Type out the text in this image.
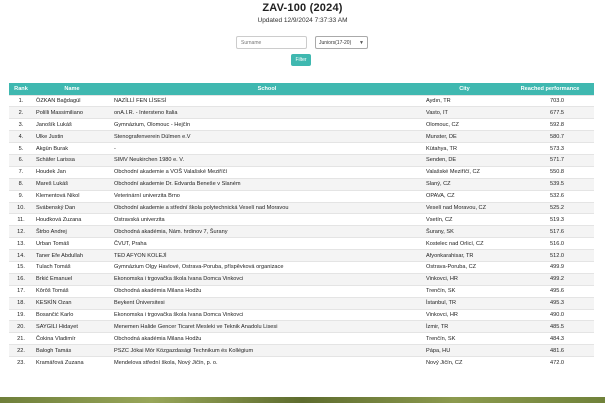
ZAV-100 (2024)
Updated 12/9/2024 7:37:33 AM
Surname	Juniors(17-20) ▼
Filter
Rank	Name	School	City	Reached performance
1.	ÖZKAN Bağdagül	NAZİLLİ FEN LİSESİ	Aydın, TR	703.0
2.	Polilli Massimiliano	onA.I.R. - Intersteno Italia	Vasto, IT	677.5
3.	Janošík Lukáš	Gymnázium, Olomouc - Hejčín	Olomouc, CZ	592.8
4.	Ulke Justin	Stenografenverein Dülmen e.V	Munster, DE	580.7
5.	Akgün Burak	-	Kütahya, TR	573.3
6.	Schäfer Larissa	SIMV Neukirchen 1980 e. V.	Senden, DE	571.7
7.	Houdek Jan	Obchodní akademie a VOŠ Valašské Meziříčí	Valašské Meziříčí, CZ	550.8
8.	Mareš Lukáš	Obchodní akademie Dr. Edvarda Beneše v Slaném	Slaný, CZ	539.5
9.	Klementová Nikol	Veterinární univerzita Brno	OPAVA, CZ	532.6
10.	Svábenský Dan	Obchodní akademie a střední škola polytechnická Veselí nad Moravou	Veselí nad Moravou, CZ	525.2
11.	Houdková Zuzana	Ostravská univerzita	Vsetín, CZ	519.3
12.	Štrbo Andrej	Obchodná akadémia, Nám. hrdinov 7, Šurany	Šurany, SK	517.6
13.	Urban Tomáš	ČVUT, Praha	Kostelec nad Orlicí, CZ	516.0
14.	Taner Efe Abdullah	TED AFYON KOLEJİ	Afyonkarahisar, TR	512.0
15.	Tulach Tomáš	Gymnázium Olgy Havlové, Ostrava-Poruba, příspěvková organizace	Ostrava-Poruba, CZ	499.9
16.	Brkić Emanuel	Ekonomska i trgovačka škola Ivana Domca Vinkovci	Vinkovci, HR	499.2
17.	Kôrôš Tomáš	Obchodná akadémia Milana Hodžu	Trenčín, SK	495.6
18.	KESKİN Ozan	Beykent Üniversitesi	İstanbul, TR	495.3
19.	Bosančić Karlo	Ekonomska i trgovačka škola Ivana Domca Vinkovci	Vinkovci, HR	490.0
20.	SAYGILI Hidayet	Menemen Halide Gencer Ticaret Mesleki ve Teknik Anadolu Lisesi	İzmir, TR	485.5
21.	Čokina Vladimír	Obchodná akadémia Milana Hodžu	Trenčín, SK	484.3
22.	Balogh Tamás	PSZC Jókai Mór Közgazdasági Technikum és Kollégium	Pápa, HU	481.6
23.	Kramářová Zuzana	Mendelova střední škola, Nový Jičín, p. o.	Nový Jičín, CZ	472.0
